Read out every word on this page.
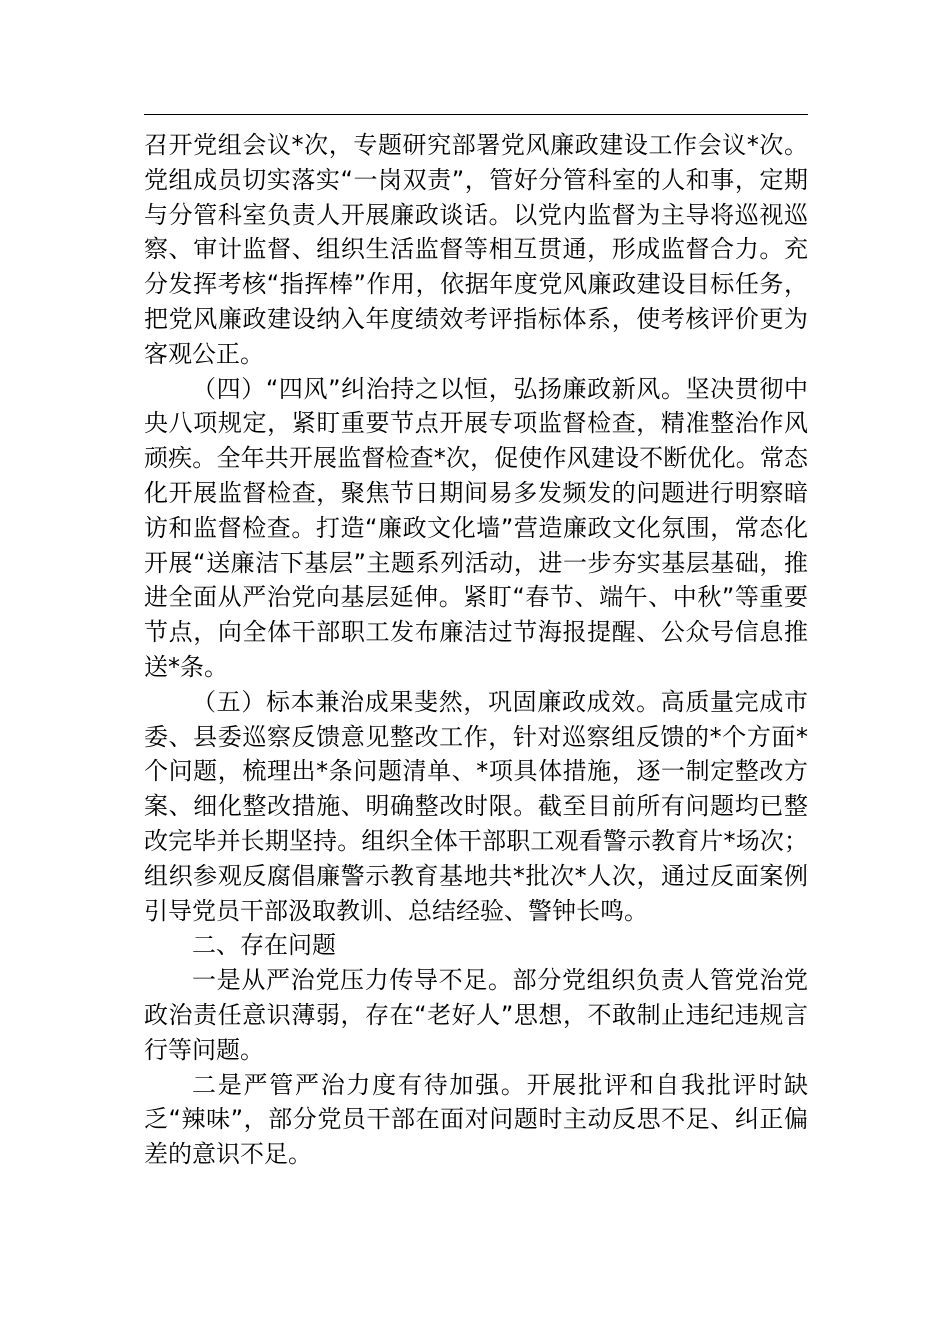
召开党组会议*次，专题研究部署党风廉政建设工作会议*次。党组成员切实落实“一岗双责”，管好分管科室的人和事，定期与分管科室负责人开展廉政谈话。以党内监督为主导将巡视巡察、审计监督、组织生活监督等相互贯通，形成监督合力。充分发挥考核“指挥棒”作用，依据年度党风廉政建设目标任务，把党风廉政建设纳入年度绩效考评指标体系，使考核评价更为客观公正。

（四）“四风”纠治持之以恒，弘扬廉政新风。坚决贯彻中央八项规定，紧盯重要节点开展专项监督检查，精准整治作风顽疾。全年共开展监督检查*次，促使作风建设不断优化。常态化开展监督检查，聚焦节日期间易多发频发的问题进行明察暗访和监督检查。打造“廉政文化墙”营造廉政文化氛围，常态化开展“送廉洁下基层”主题系列活动，进一步夯实基层基础，推进全面从严治党向基层延伸。紧盯“春节、端午、中秋”等重要节点，向全体干部职工发布廉洁过节海报提醒、公众号信息推送*条。

（五）标本兼治成果斐然，巩固廉政成效。高质量完成市委、县委巡察反馈意见整改工作，针对巡察组反馈的*个方面*个问题，梳理出*条问题清单、*项具体措施，逐一制定整改方案、细化整改措施、明确整改时限。截至目前所有问题均已整改完毕并长期坚持。组织全体干部职工观看警示教育片*场次；组织参观反腐倡廉警示教育基地共*批次*人次，通过反面案例引导党员干部汲取教训、总结经验、警钟长鸣。

二、存在问题

一是从严治党压力传导不足。部分党组织负责人管党治党政治责任意识薄弱，存在“老好人”思想，不敢制止违纪违规言行等问题。

二是严管严治力度有待加强。开展批评和自我批评时缺乏“辣味”，部分党员干部在面对问题时主动反思不足、纠正偏差的意识不足。
